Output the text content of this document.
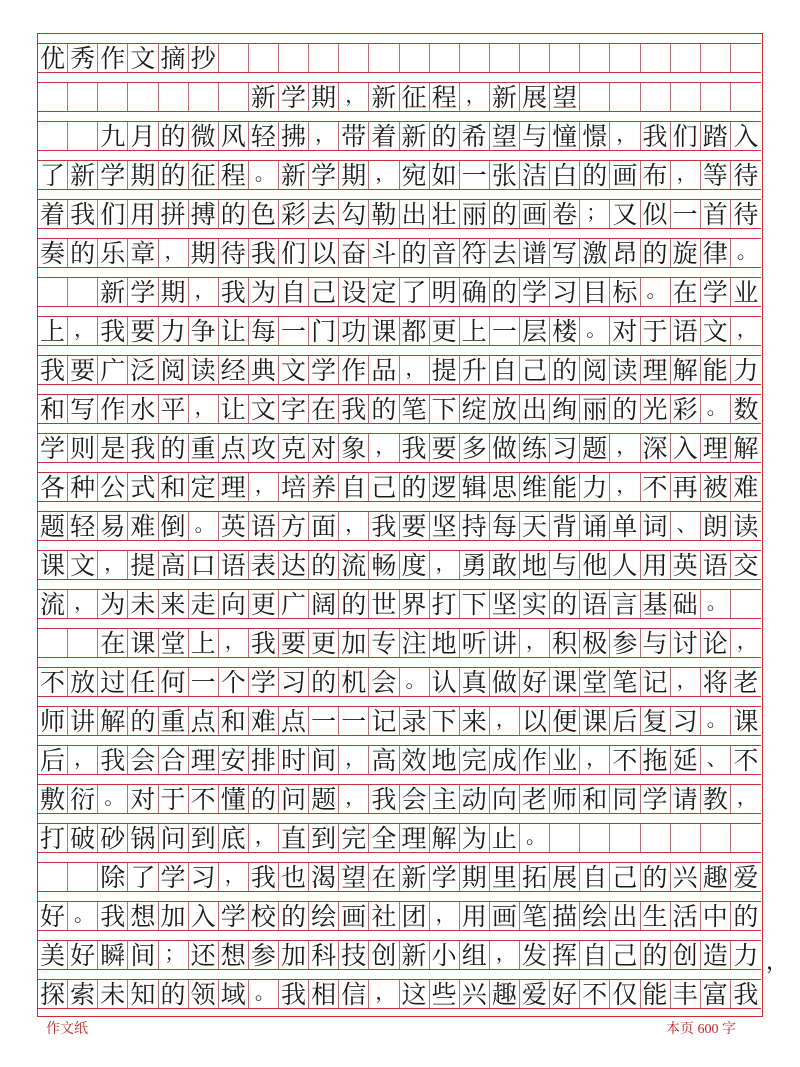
优 秀 作 文 摘 抄
新 学 期 ， 新 征 程 ， 新 展 望
九 月 的 微 风 轻 拂 ， 带 着 新 的 希 望 与 憧 憬 ， 我 们 踏 入
了 新 学 期 的 征 程 。 新 学 期 ， 宛 如 一 张 洁 白 的 画 布 ， 等 待
着 我 们 用 拼 搏 的 色 彩 去 勾 勒 出 壮 丽 的 画 卷 ； 又 似 一 首 待
奏 的 乐 章 ， 期 待 我 们 以 奋 斗 的 音 符 去 谱 写 激 昂 的 旋 律 。
新 学 期 ， 我 为 自 己 设 定 了 明 确 的 学 习 目 标 。 在 学 业
上 ， 我 要 力 争 让 每 一 门 功 课 都 更 上 一 层 楼 。 对 于 语 文 ，
我 要 广 泛 阅 读 经 典 文 学 作 品 ， 提 升 自 己 的 阅 读 理 解 能 力
和 写 作 水 平 ， 让 文 字 在 我 的 笔 下 绽 放 出 绚 丽 的 光 彩 。 数
学 则 是 我 的 重 点 攻 克 对 象 ， 我 要 多 做 练 习 题 ， 深 入 理 解
各 种 公 式 和 定 理 ， 培 养 自 己 的 逻 辑 思 维 能 力 ， 不 再 被 难
题 轻 易 难 倒 。 英 语 方 面 ， 我 要 坚 持 每 天 背 诵 单 词 、 朗 读
课 文 ， 提 高 口 语 表 达 的 流 畅 度 ， 勇 敢 地 与 他 人 用 英 语 交
流 ， 为 未 来 走 向 更 广 阔 的 世 界 打 下 坚 实 的 语 言 基 础 。
在 课 堂 上 ， 我 要 更 加 专 注 地 听 讲 ， 积 极 参 与 讨 论 ，
不 放 过 任 何 一 个 学 习 的 机 会 。 认 真 做 好 课 堂 笔 记 ， 将 老
师 讲 解 的 重 点 和 难 点 一 一 记 录 下 来 ， 以 便 课 后 复 习 。 课
后 ， 我 会 合 理 安 排 时 间 ， 高 效 地 完 成 作 业 ， 不 拖 延 、 不
敷 衍 。 对 于 不 懂 的 问 题 ， 我 会 主 动 向 老 师 和 同 学 请 教 ，
打 破 砂 锅 问 到 底 ， 直 到 完 全 理 解 为 止 。
除 了 学 习 ， 我 也 渴 望 在 新 学 期 里 拓 展 自 己 的 兴 趣 爱
好 。 我 想 加 入 学 校 的 绘 画 社 团 ， 用 画 笔 描 绘 出 生 活 中 的
美 好 瞬 间 ； 还 想 参 加 科 技 创 新 小 组 ， 发 挥 自 己 的 创 造 力
探 索 未 知 的 领 域 。 我 相 信 ， 这 些 兴 趣 爱 好 不 仅 能 丰 富 我
作文纸	本页 600 字
，
